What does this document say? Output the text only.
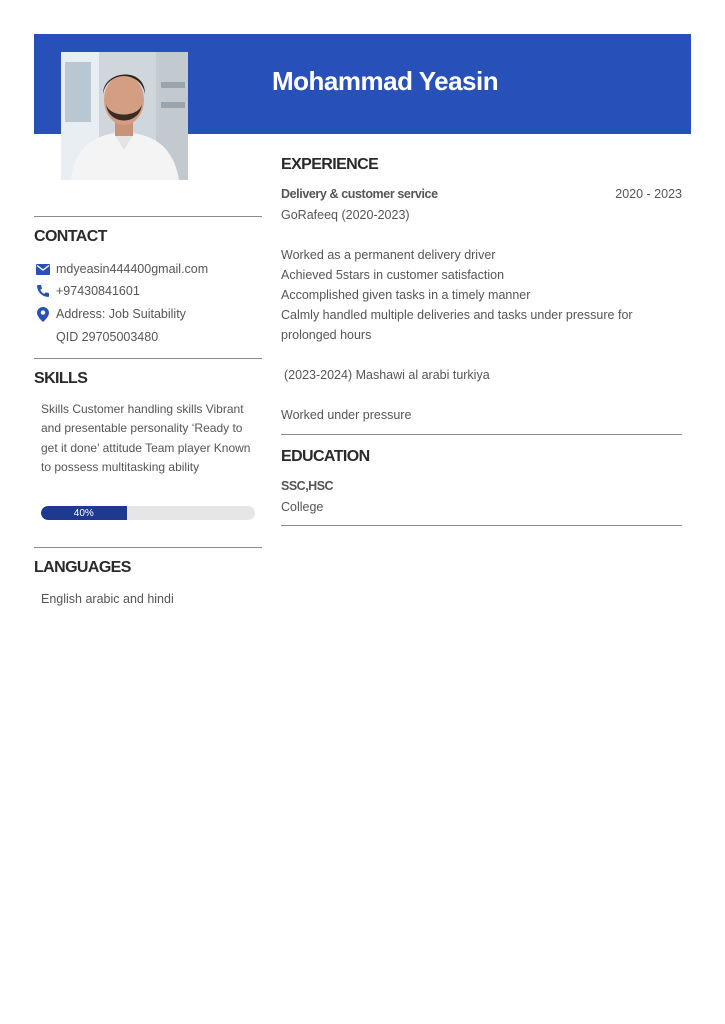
Mohammad Yeasin
CONTACT
mdyeasin444400gmail.com
+97430841601
Address: Job Suitability
QID 29705003480
SKILLS

Skills Customer handling skills Vibrant and presentable personality ‘Ready to get it done’ attitude Team player Known to possess multitasking ability

40%
LANGUAGES

English arabic and hindi

EXPERIENCE

Delivery & customer service	2020 - 2023

GoRafeeq (2020-2023)

Worked as a permanent delivery driver

Achieved 5stars in customer satisfaction

Accomplished given tasks in a timely manner

Calmly handled multiple deliveries and tasks under pressure for

prolonged hours

(2023-2024) Mashawi al arabi turkiya

Worked under pressure

EDUCATION

SSC,HSC

College
